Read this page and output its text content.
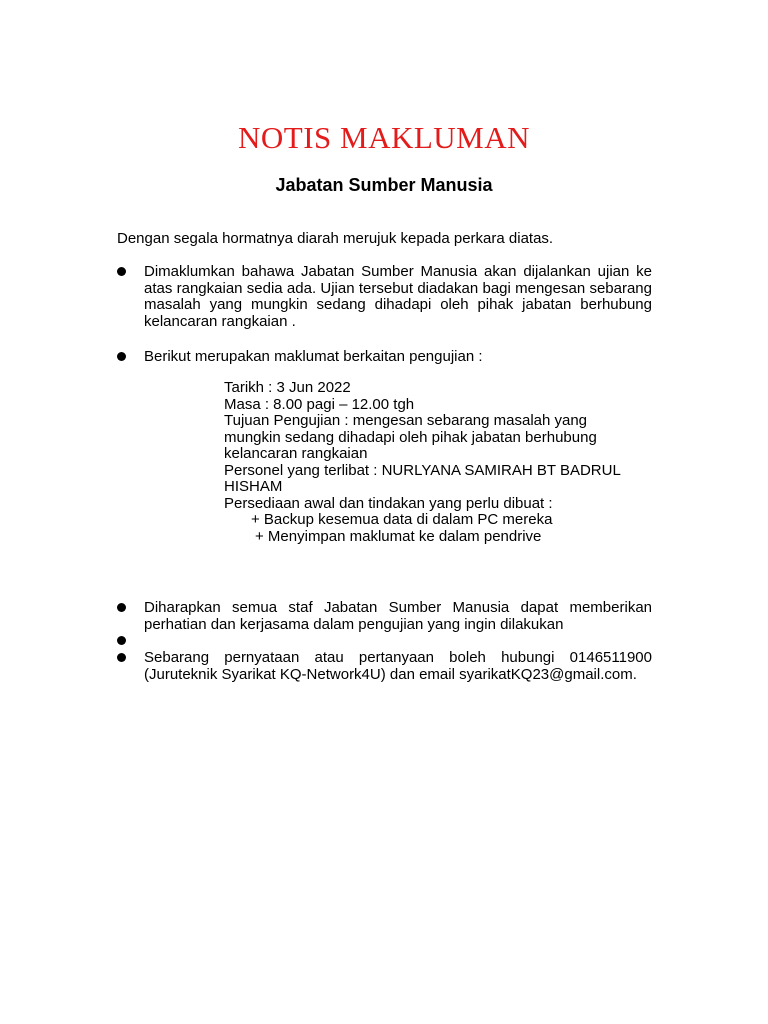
NOTIS MAKLUMAN
Jabatan Sumber Manusia
Dengan segala hormatnya diarah merujuk kepada perkara diatas.
Dimaklumkan bahawa Jabatan Sumber Manusia akan dijalankan ujian ke atas rangkaian sedia ada. Ujian tersebut diadakan bagi mengesan sebarang masalah yang mungkin sedang dihadapi oleh pihak jabatan berhubung kelancaran rangkaian .
Berikut merupakan maklumat berkaitan pengujian :
Tarikh : 3 Jun 2022
Masa : 8.00 pagi – 12.00 tgh
Tujuan Pengujian : mengesan sebarang masalah yang
mungkin sedang dihadapi oleh pihak jabatan berhubung
kelancaran rangkaian
Personel yang terlibat : NURLYANA SAMIRAH BT BADRUL
HISHAM
Persediaan awal dan tindakan yang perlu dibuat :
+ Backup kesemua data di dalam PC mereka
+ Menyimpan maklumat ke dalam pendrive
Diharapkan semua staf Jabatan Sumber Manusia dapat memberikan perhatian dan kerjasama dalam pengujian yang ingin dilakukan
Sebarang pernyataan atau pertanyaan boleh hubungi 0146511900 (Juruteknik Syarikat KQ-Network4U) dan email syarikatKQ23@gmail.com.
